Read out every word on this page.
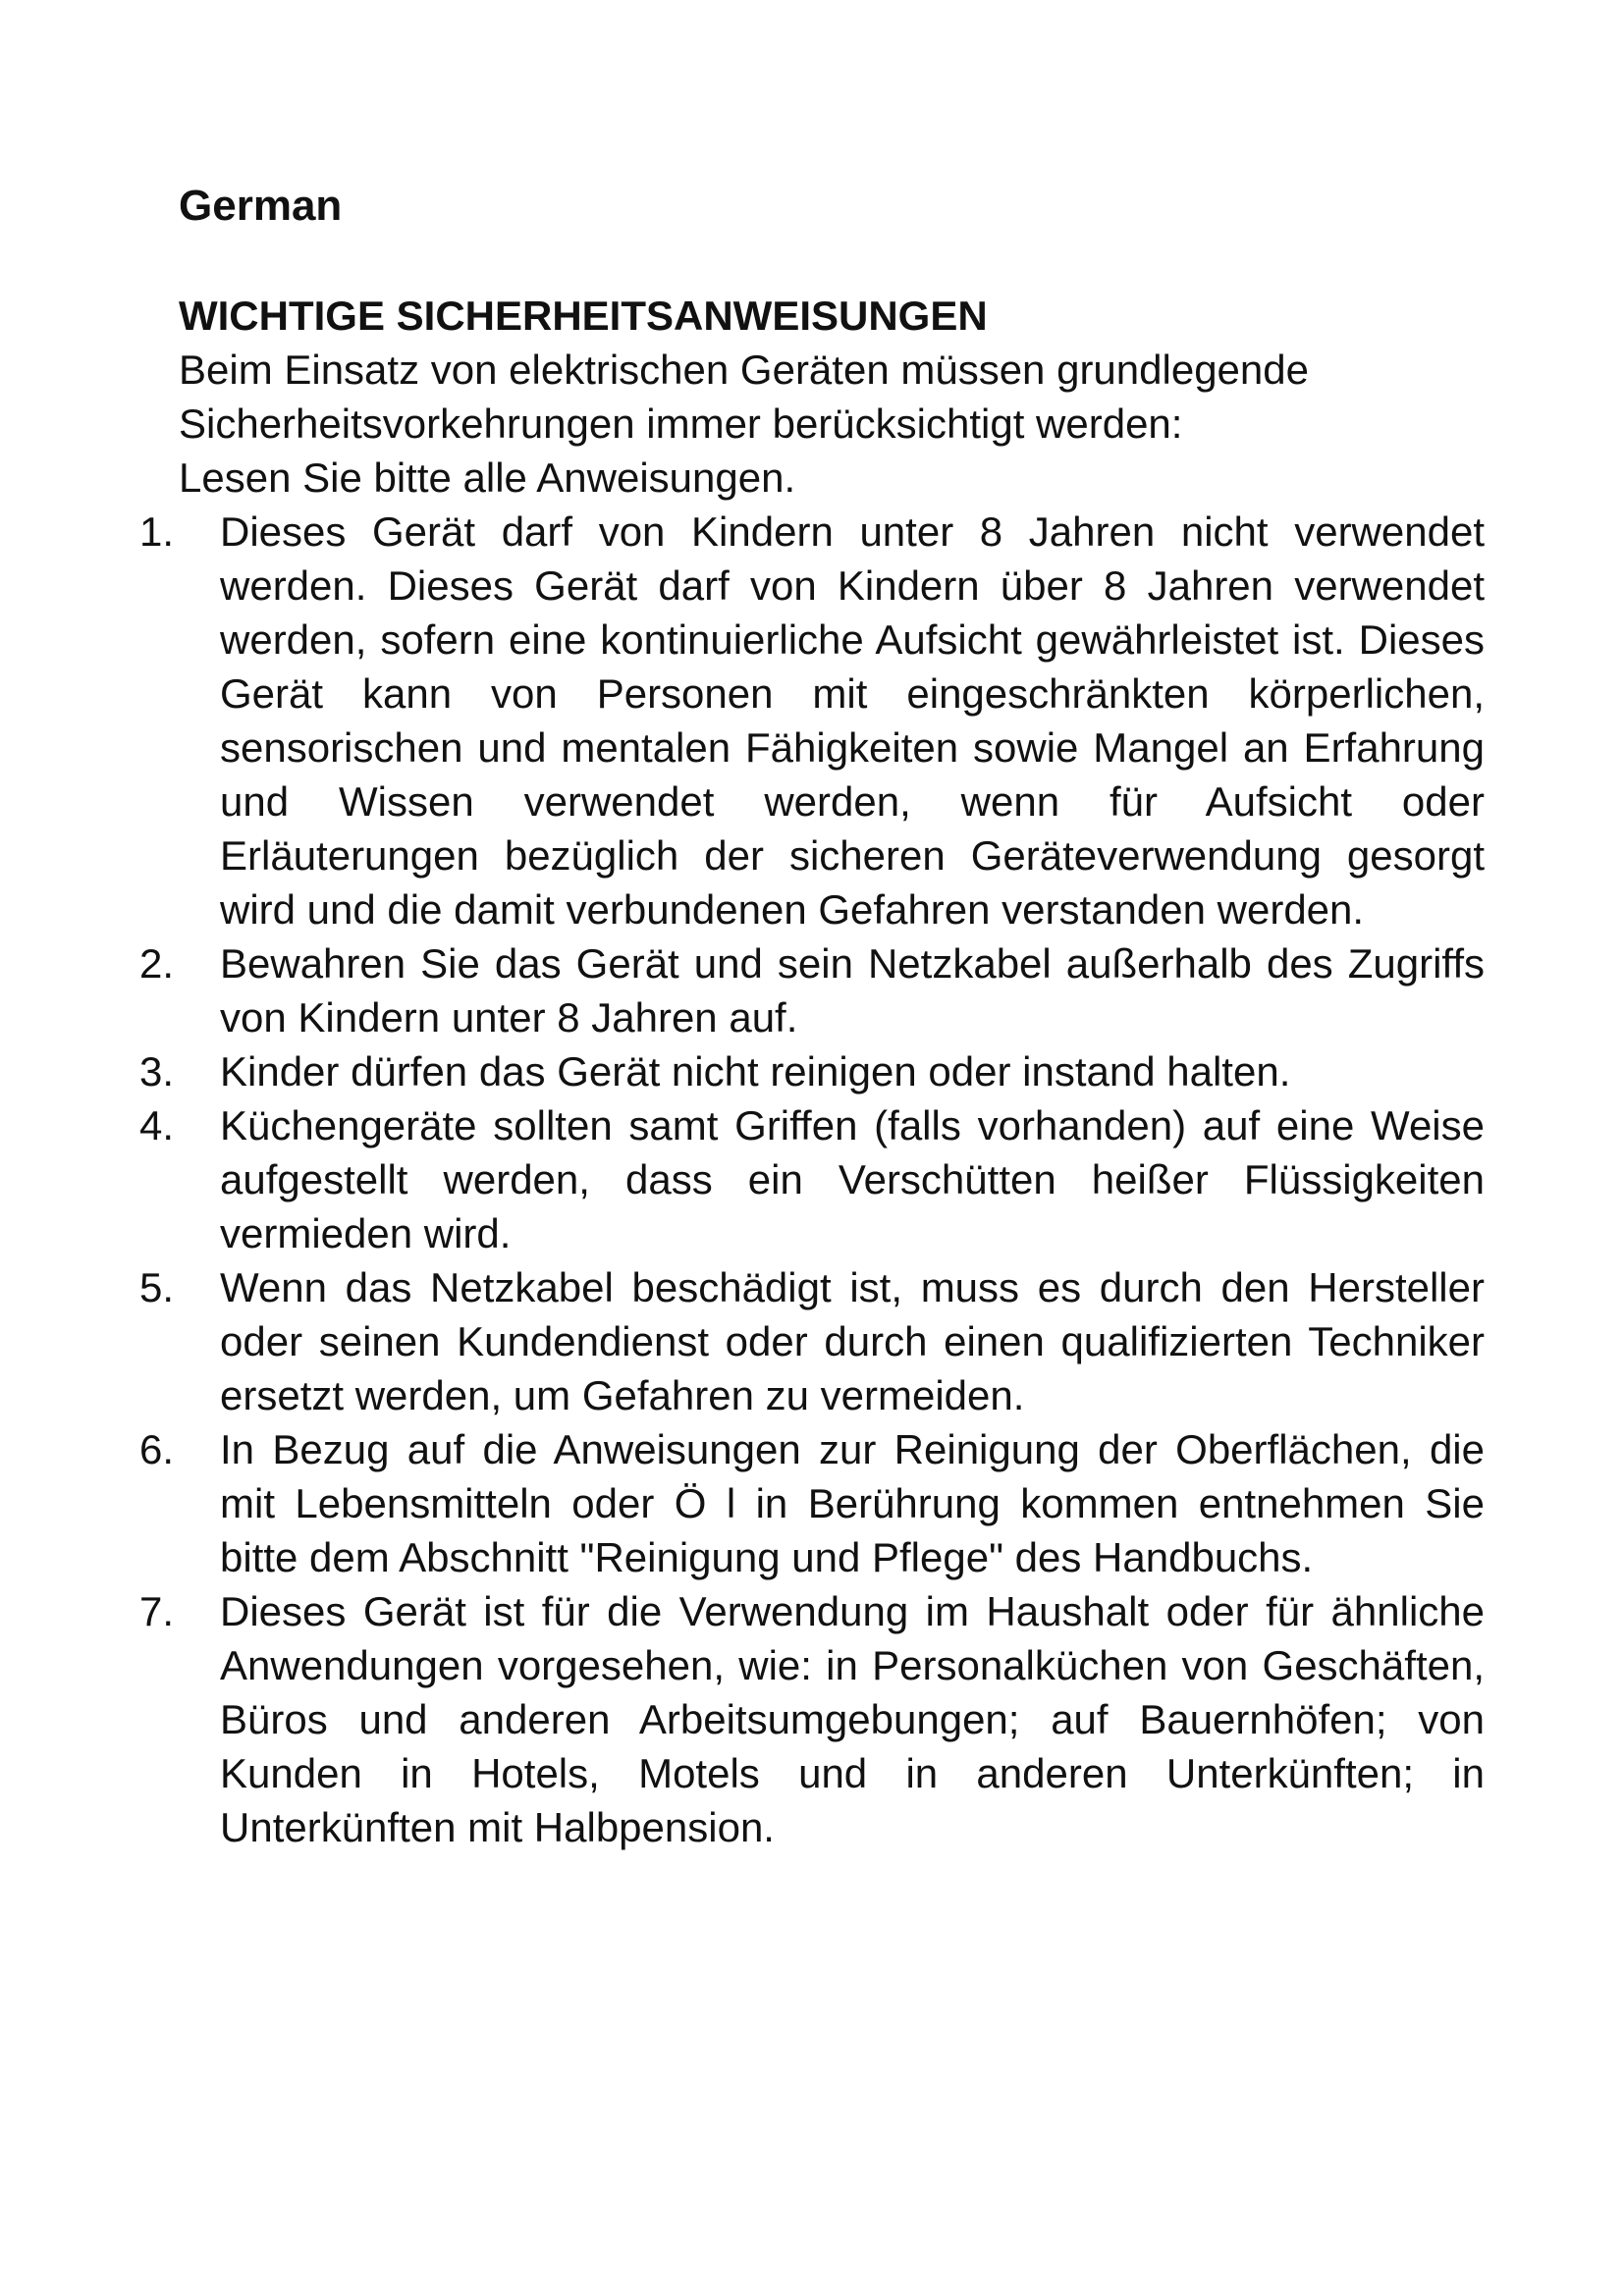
German
WICHTIGE SICHERHEITSANWEISUNGEN

Beim Einsatz von elektrischen Geräten müssen grundlegende

Sicherheitsvorkehrungen immer berücksichtigt werden:

Lesen Sie bitte alle Anweisungen.

1.	Dieses Gerät darf von Kindern unter 8 Jahren nicht verwendet werden. Dieses Gerät darf von Kindern über 8 Jahren verwendet werden, sofern eine kontinuierliche Aufsicht gewährleistet ist. Dieses Gerät kann von Personen mit eingeschränkten körperlichen, sensorischen und mentalen Fähigkeiten sowie Mangel an Erfahrung und Wissen verwendet werden, wenn für Aufsicht oder Erläuterungen bezüglich der sicheren Geräteverwendung gesorgt wird und die damit verbundenen Gefahren verstanden werden.
2.	Bewahren Sie das Gerät und sein Netzkabel außerhalb des Zugriffs von Kindern unter 8 Jahren auf.
3.	Kinder dürfen das Gerät nicht reinigen oder instand halten.
4.	Küchengeräte sollten samt Griffen (falls vorhanden) auf eine Weise aufgestellt werden, dass ein Verschütten heißer Flüssigkeiten vermieden wird.
5.	Wenn das Netzkabel beschädigt ist, muss es durch den Hersteller oder seinen Kundendienst oder durch einen qualifizierten Techniker ersetzt werden, um Gefahren zu vermeiden.
6.	In Bezug auf die Anweisungen zur Reinigung der Oberflächen, die mit Lebensmitteln oder Ö l in Berührung kommen entnehmen Sie bitte dem Abschnitt "Reinigung und Pflege" des Handbuchs.
7.	Dieses Gerät ist für die Verwendung im Haushalt oder für ähnliche Anwendungen vorgesehen, wie: in Personalküchen von Geschäften, Büros und anderen Arbeitsumgebungen; auf Bauernhöfen; von Kunden in Hotels, Motels und in anderen Unterkünften; in Unterkünften mit Halbpension.
